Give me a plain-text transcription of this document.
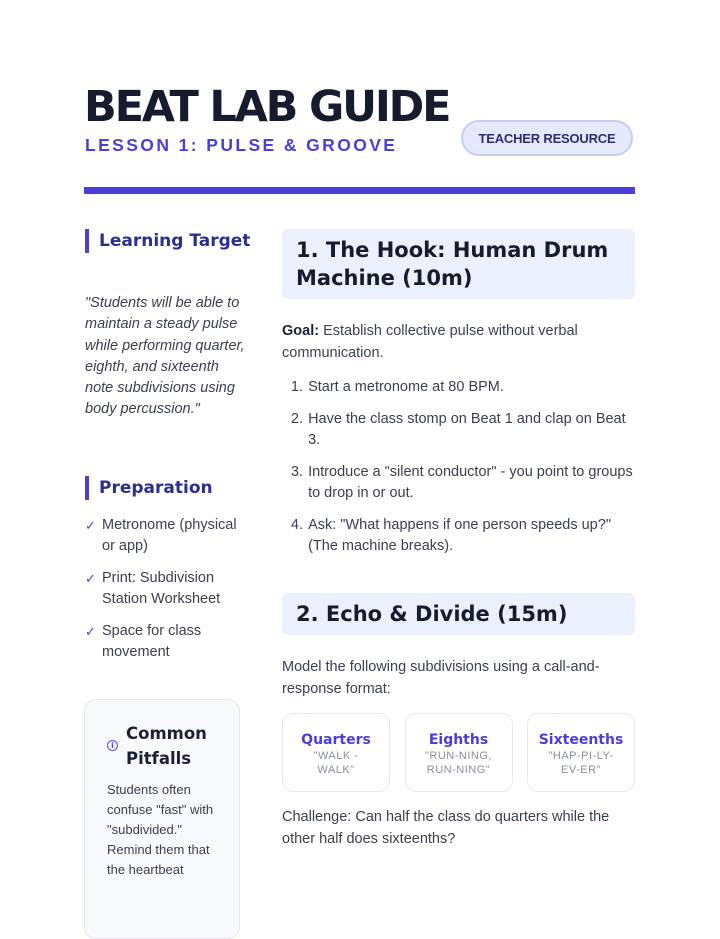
BEAT LAB GUIDE
LESSON 1: PULSE & GROOVE	TEACHER RESOURCE
Learning Target

"Students will be able to maintain a steady pulse while performing quarter, eighth, and sixteenth note subdivisions using body percussion."

Preparation
✓ Metronome (physical or app)
✓ Print: Subdivision Station Worksheet
✓ Space for class movement
i
Common Pitfalls

Students often confuse "fast" with "subdivided." Remind them that the heartbeat

1. The Hook: Human Drum Machine (10m)

Goal: Establish collective pulse without verbal communication.

1. Start a metronome at 80 BPM.
2. Have the class stomp on Beat 1 and clap on Beat 3.
3. Introduce a "silent conductor" - you point to groups to drop in or out.
4. Ask: "What happens if one person speeds up?" (The machine breaks).
2. Echo & Divide (15m)

Model the following subdivisions using a call-and-response format:

Quarters
"WALK - WALK"
Eighths
"RUN-NING, RUN-NING"
Sixteenths
"HAP-PI-LY-EV-ER"

Challenge: Can half the class do quarters while the other half does sixteenths?
